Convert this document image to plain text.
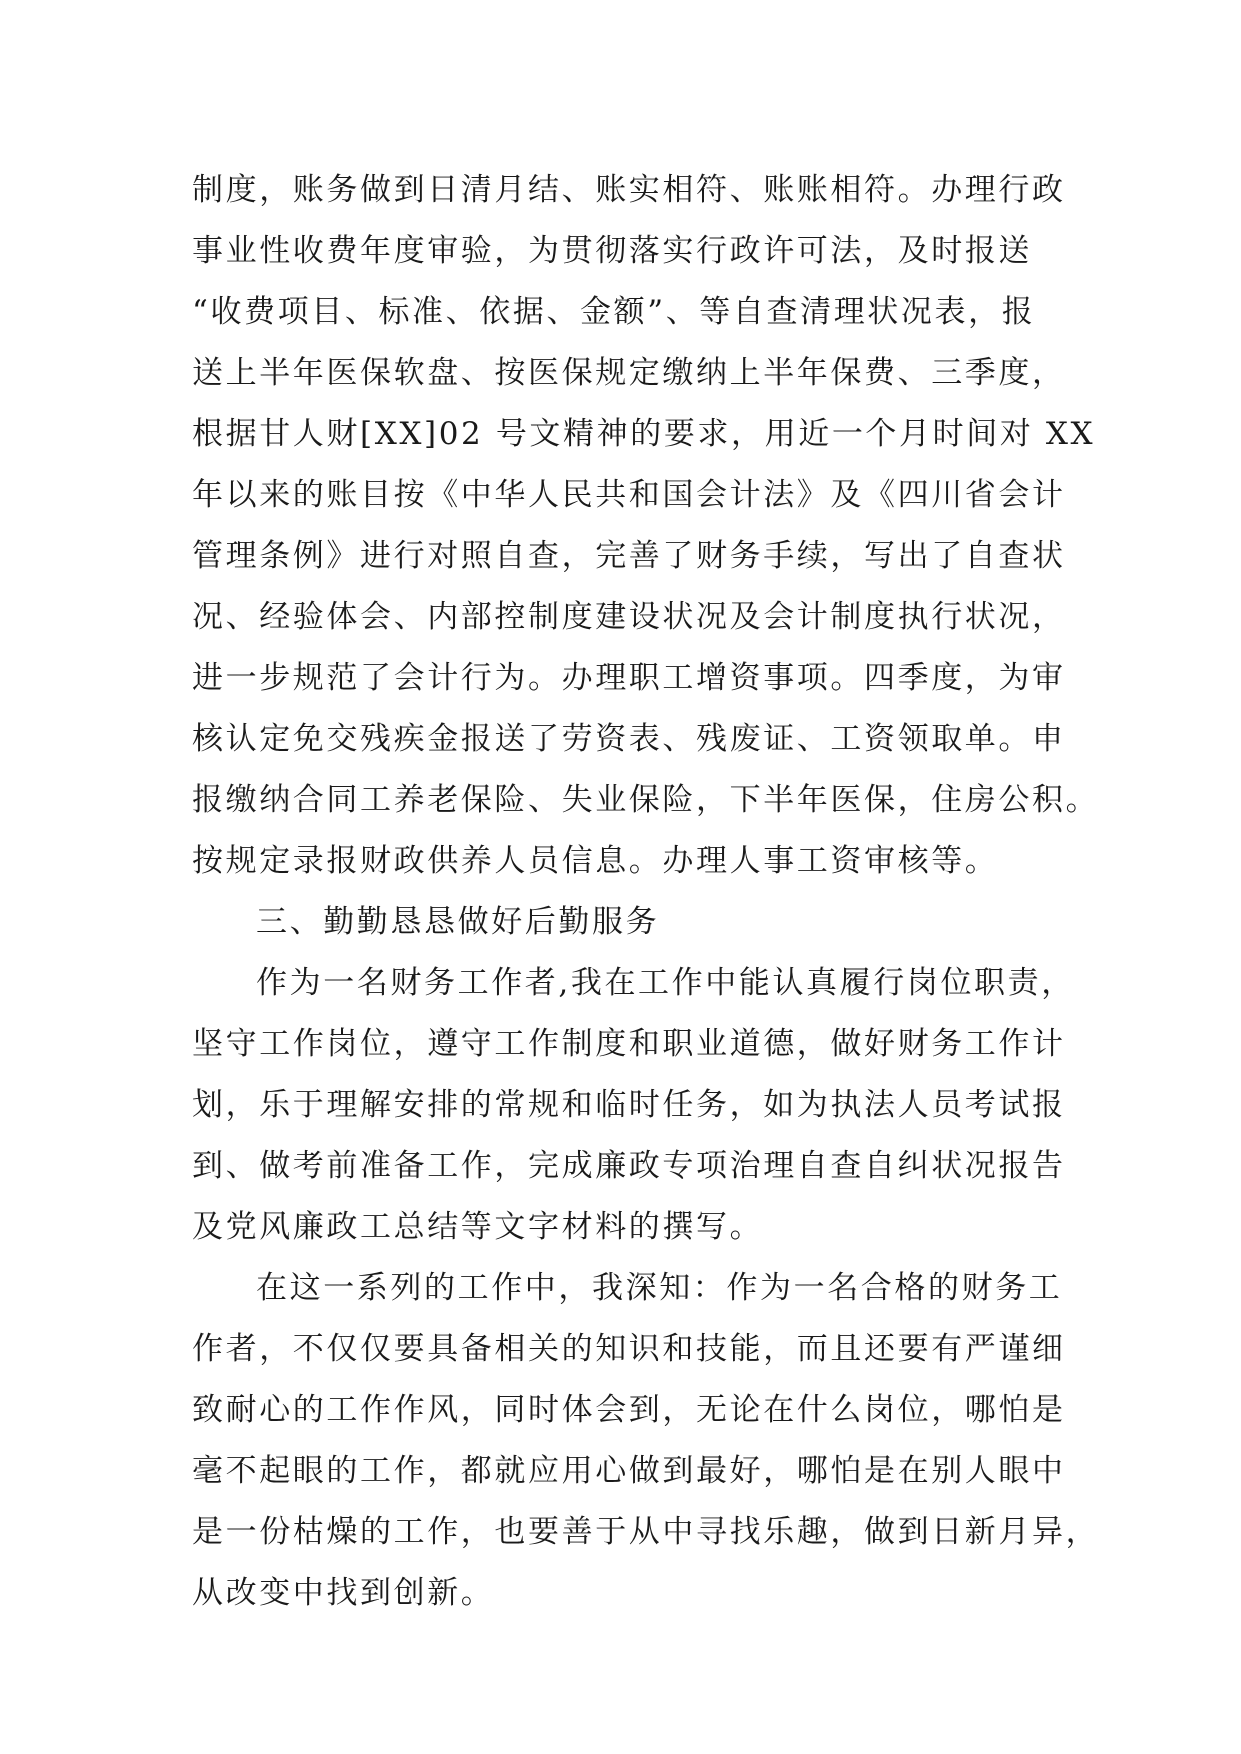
制度，账务做到日清月结、账实相符、账账相符。办理行政
事业性收费年度审验，为贯彻落实行政许可法，及时报送
“收费项目、标准、依据、金额”、等自查清理状况表，报
送上半年医保软盘、按医保规定缴纳上半年保费、三季度，
根据甘人财[XX]02 号文精神的要求，用近一个月时间对 XX
年以来的账目按《中华人民共和国会计法》及《四川省会计
管理条例》进行对照自查，完善了财务手续，写出了自查状
况、经验体会、内部控制度建设状况及会计制度执行状况，
进一步规范了会计行为。办理职工增资事项。四季度，为审
核认定免交残疾金报送了劳资表、残废证、工资领取单。申
报缴纳合同工养老保险、失业保险，下半年医保，住房公积。
按规定录报财政供养人员信息。办理人事工资审核等。
三、勤勤恳恳做好后勤服务
作为一名财务工作者,我在工作中能认真履行岗位职责，
坚守工作岗位，遵守工作制度和职业道德，做好财务工作计
划，乐于理解安排的常规和临时任务，如为执法人员考试报
到、做考前准备工作，完成廉政专项治理自查自纠状况报告
及党风廉政工总结等文字材料的撰写。
在这一系列的工作中，我深知：作为一名合格的财务工
作者，不仅仅要具备相关的知识和技能，而且还要有严谨细
致耐心的工作作风，同时体会到，无论在什么岗位，哪怕是
毫不起眼的工作，都就应用心做到最好，哪怕是在别人眼中
是一份枯燥的工作，也要善于从中寻找乐趣，做到日新月异，
从改变中找到创新。
